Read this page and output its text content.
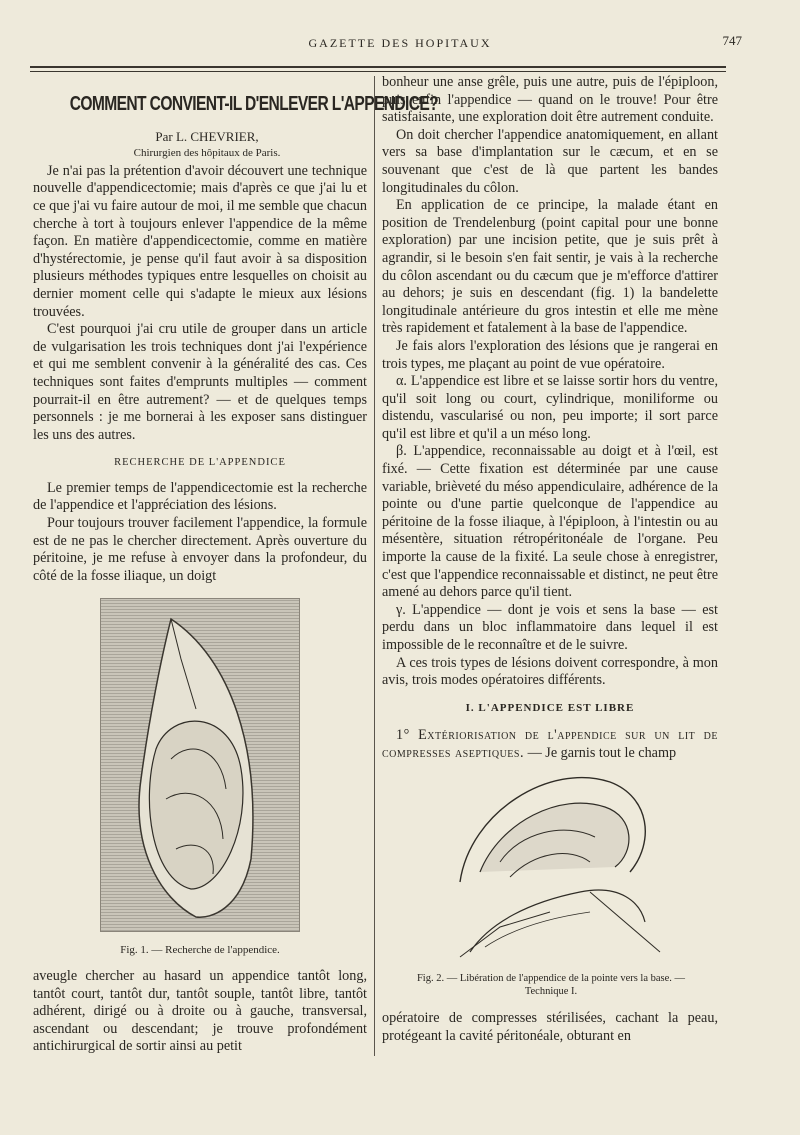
GAZETTE DES HOPITAUX	747
COMMENT CONVIENT-IL D'ENLEVER L'APPENDICE?

Par L. CHEVRIER,

Chirurgien des hôpitaux de Paris.

Je n'ai pas la prétention d'avoir découvert une technique nouvelle d'appendicectomie; mais d'après ce que j'ai lu et ce que j'ai vu faire autour de moi, il me semble que chacun cherche à tort à toujours enlever l'appendice de la même façon. En matière d'appendicectomie, comme en matière d'hystérectomie, je pense qu'il faut avoir à sa disposition plusieurs méthodes typiques entre lesquelles on choisit au dernier moment celle qui s'adapte le mieux aux lésions trouvées.

C'est pourquoi j'ai cru utile de grouper dans un article de vulgarisation les trois techniques dont j'ai l'expérience et qui me semblent convenir à la généralité des cas. Ces techniques sont faites d'emprunts multiples — comment pourrait-il en être autrement? — et de quelques temps personnels : je me bornerai à les exposer sans distinguer les uns des autres.

RECHERCHE DE L'APPENDICE

Le premier temps de l'appendicectomie est la recherche de l'appendice et l'appréciation des lésions.

Pour toujours trouver facilement l'appendice, la formule est de ne pas le chercher directement. Après ouverture du péritoine, je me refuse à envoyer dans la profondeur, du côté de la fosse iliaque, un doigt

Fig. 1. — Recherche de l'appendice.

aveugle chercher au hasard un appendice tantôt long, tantôt court, tantôt dur, tantôt souple, tantôt libre, tantôt adhérent, dirigé ou à droite ou à gauche, transversal, ascendant ou descendant; je trouve profondément antichirurgical de sortir ainsi au petit

bonheur une anse grêle, puis une autre, puis de l'épiploon, puis enfin l'appendice — quand on le trouve! Pour être satisfaisante, une exploration doit être autrement conduite.

On doit chercher l'appendice anatomiquement, en allant vers sa base d'implantation sur le cæcum, et en se souvenant que c'est de là que partent les bandes longitudinales du côlon.

En application de ce principe, la malade étant en position de Trendelenburg (point capital pour une bonne exploration) par une incision petite, que je suis prêt à agrandir, si le besoin s'en fait sentir, je vais à la recherche du côlon ascendant ou du cæcum que je m'efforce d'attirer au dehors; je suis en descendant (fig. 1) la bandelette longitudinale antérieure du gros intestin et elle me mène très rapidement et fatalement à la base de l'appendice.

Je fais alors l'exploration des lésions que je rangerai en trois types, me plaçant au point de vue opératoire.

α. L'appendice est libre et se laisse sortir hors du ventre, qu'il soit long ou court, cylindrique, moniliforme ou distendu, vascularisé ou non, peu importe; il sort parce qu'il est libre et qu'il a un méso long.

β. L'appendice, reconnaissable au doigt et à l'œil, est fixé. — Cette fixation est déterminée par une cause variable, brièveté du méso appendiculaire, adhérence de la pointe ou d'une partie quelconque de l'appendice au péritoine de la fosse iliaque, à l'épiploon, à l'intestin ou au mésentère, situation rétropéritonéale de l'organe. Peu importe la cause de la fixité. La seule chose à enregistrer, c'est que l'appendice reconnaissable et distinct, ne peut être amené au dehors parce qu'il tient.

γ. L'appendice — dont je vois et sens la base — est perdu dans un bloc inflammatoire dans lequel il est impossible de le reconnaître et de le suivre.

A ces trois types de lésions doivent correspondre, à mon avis, trois modes opératoires différents.

I. L'APPENDICE EST LIBRE

1° Extériorisation de l'appendice sur un lit de compresses aseptiques. — Je garnis tout le champ

Fig. 2. — Libération de l'appendice de la pointe vers la base. —
Technique I.

opératoire de compresses stérilisées, cachant la peau, protégeant la cavité péritonéale, obturant en
